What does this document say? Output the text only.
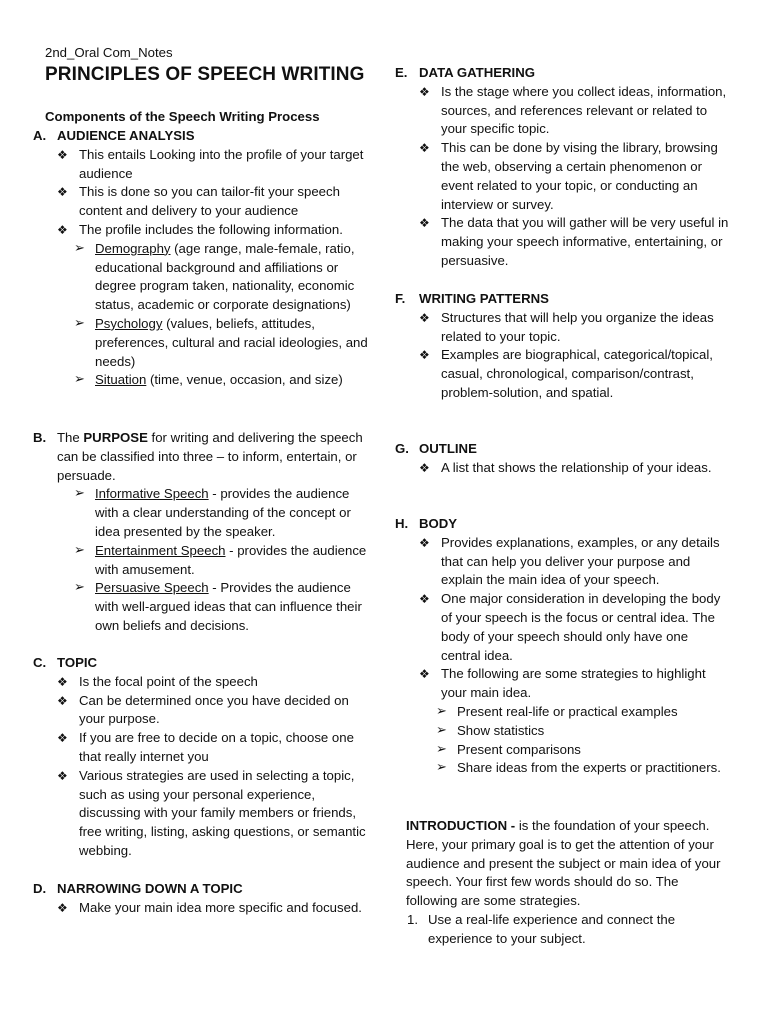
2nd_Oral Com_Notes
PRINCIPLES OF SPEECH WRITING
Components of the Speech Writing Process
A. AUDIENCE ANALYSIS
❖ This entails Looking into the profile of your target audience
❖ This is done so you can tailor-fit your speech content and delivery to your audience
❖ The profile includes the following information.
➢ Demography (age range, male-female, ratio, educational background and affiliations or degree program taken, nationality, economic status, academic or corporate designations)
➢ Psychology (values, beliefs, attitudes, preferences, cultural and racial ideologies, and needs)
➢ Situation (time, venue, occasion, and size)
B. The PURPOSE for writing and delivering the speech can be classified into three – to inform, entertain, or persuade.
➢ Informative Speech - provides the audience with a clear understanding of the concept or idea presented by the speaker.
➢ Entertainment Speech - provides the audience with amusement.
➢ Persuasive Speech - Provides the audience with well-argued ideas that can influence their own beliefs and decisions.
C. TOPIC
❖ Is the focal point of the speech
❖ Can be determined once you have decided on your purpose.
❖ If you are free to decide on a topic, choose one that really internet you
❖ Various strategies are used in selecting a topic, such as using your personal experience, discussing with your family members or friends, free writing, listing, asking questions, or semantic webbing.
D. NARROWING DOWN A TOPIC
❖ Make your main idea more specific and focused.
E. DATA GATHERING
❖ Is the stage where you collect ideas, information, sources, and references relevant or related to your specific topic.
❖ This can be done by vising the library, browsing the web, observing a certain phenomenon or event related to your topic, or conducting an interview or survey.
❖ The data that you will gather will be very useful in making your speech informative, entertaining, or persuasive.
F.	WRITING PATTERNS
❖ Structures that will help you organize the ideas related to your topic.
❖ Examples are biographical, categorical/topical, casual, chronological, comparison/contrast, problem-solution, and spatial.
G. OUTLINE
❖ A list that shows the relationship of your ideas.
H. BODY
❖ Provides explanations, examples, or any details that can help you deliver your purpose and explain the main idea of your speech.
❖ One major consideration in developing the body of your speech is the focus or central idea. The body of your speech should only have one central idea.
❖ The following are some strategies to highlight your main idea.
➢ Present real-life or practical examples
➢ Show statistics
➢ Present comparisons
➢ Share ideas from the experts or practitioners.
INTRODUCTION - is the foundation of your speech. Here, your primary goal is to get the attention of your audience and present the subject or main idea of your speech. Your first few words should do so. The following are some strategies.
1. Use a real-life experience and connect the experience to your subject.
